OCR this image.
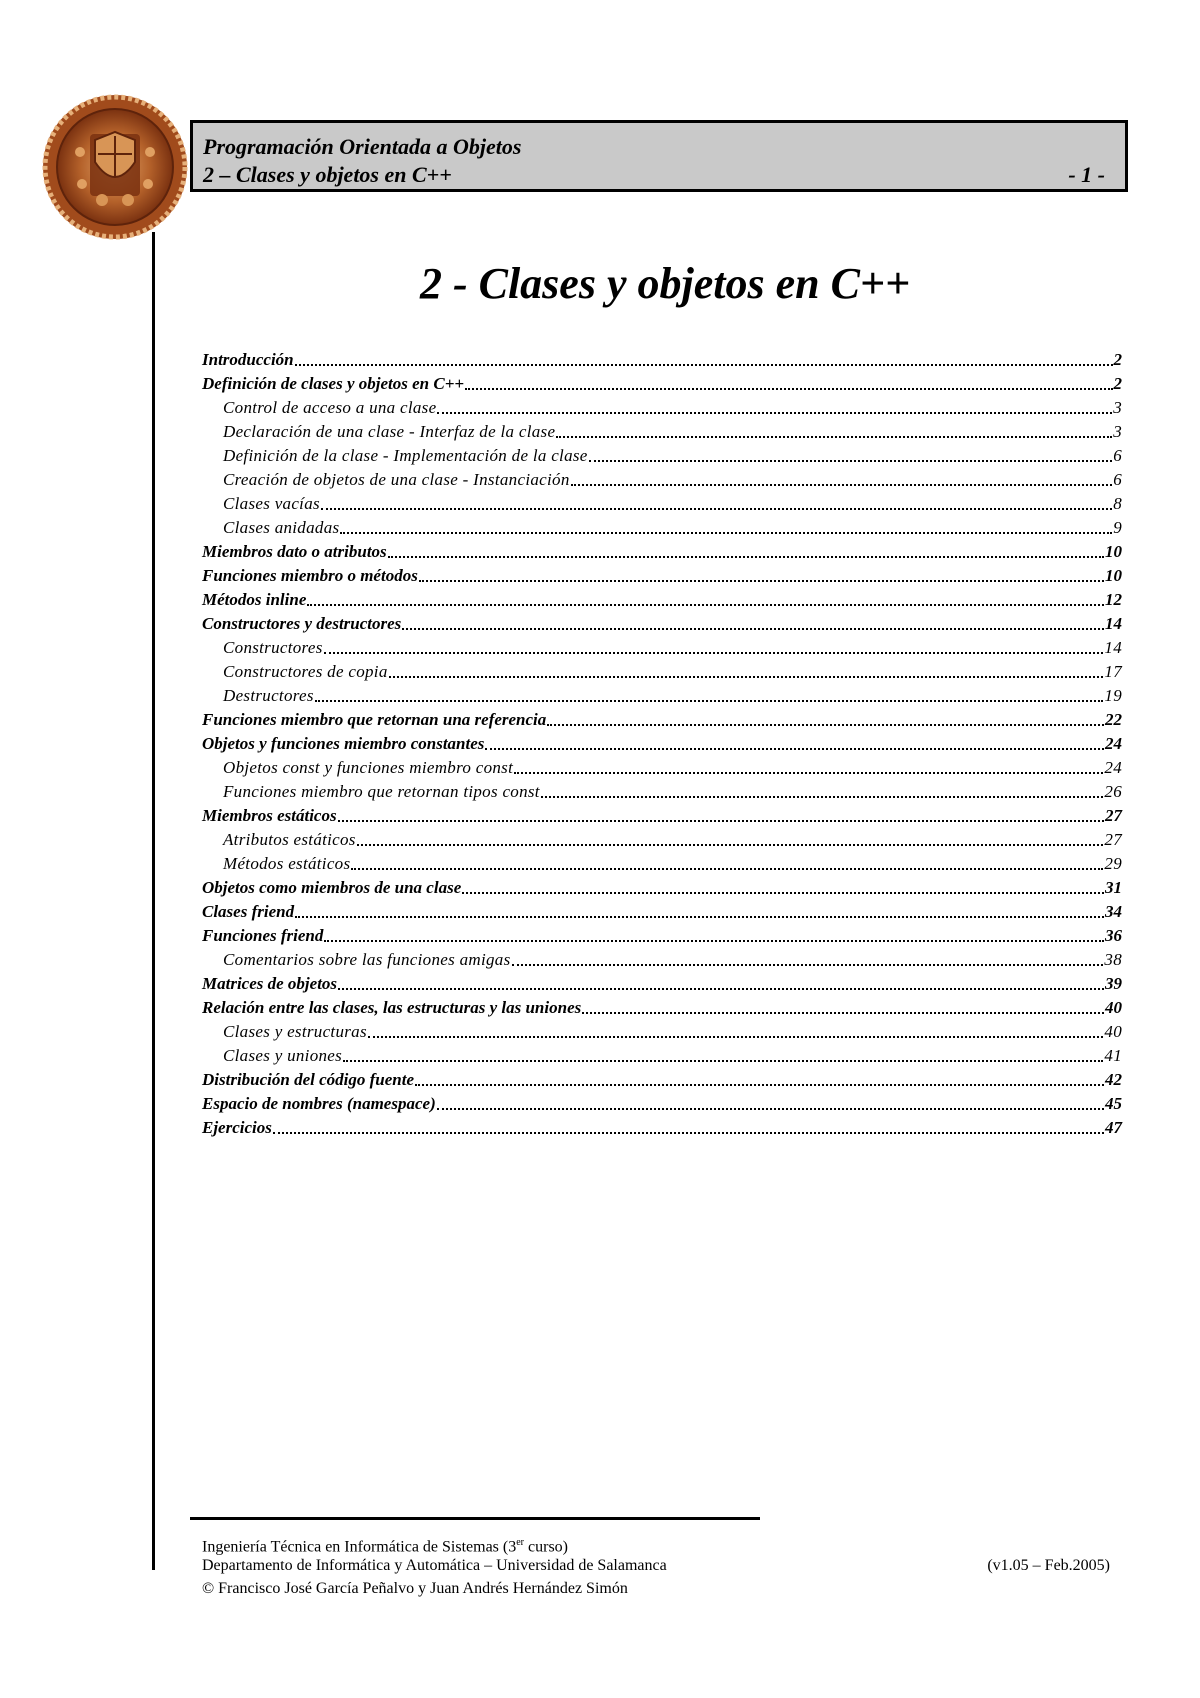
Programación Orientada a Objetos
2 – Clases y objetos en C++	- 1 -
2 - Clases y objetos en C++
Introducción	2
Definición de clases y objetos en C++	2
Control de acceso a una clase	3
Declaración de una clase - Interfaz de la clase	3
Definición de la clase - Implementación de la clase	6
Creación de objetos de una clase - Instanciación	6
Clases vacías	8
Clases anidadas	9
Miembros dato o atributos	10
Funciones miembro o métodos	10
Métodos inline	12
Constructores y destructores	14
Constructores	14
Constructores de copia	17
Destructores	19
Funciones miembro que retornan una referencia	22
Objetos y funciones miembro constantes	24
Objetos const y funciones miembro const	24
Funciones miembro que retornan tipos const	26
Miembros estáticos	27
Atributos estáticos	27
Métodos estáticos	29
Objetos como miembros de una clase	31
Clases friend	34
Funciones friend	36
Comentarios sobre las funciones amigas	38
Matrices de objetos	39
Relación entre las clases, las estructuras y las uniones	40
Clases y estructuras	40
Clases y uniones	41
Distribución del código fuente	42
Espacio de nombres (namespace)	45
Ejercicios	47
Ingeniería Técnica en Informática de Sistemas (3er curso)
Departamento de Informática y Automática – Universidad de Salamanca	(v1.05 – Feb.2005)
© Francisco José García Peñalvo y Juan Andrés Hernández Simón
